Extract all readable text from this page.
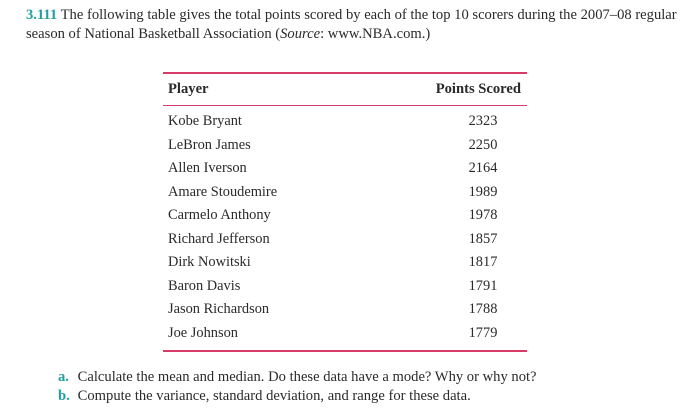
3.111 The following table gives the total points scored by each of the top 10 scorers during the 2007–08 regular season of National Basketball Association (Source: www.NBA.com.)
Player	Points Scored
Kobe Bryant	2323
LeBron James	2250
Allen Iverson	2164
Amare Stoudemire	1989
Carmelo Anthony	1978
Richard Jefferson	1857
Dirk Nowitski	1817
Baron Davis	1791
Jason Richardson	1788
Joe Johnson	1779
a. Calculate the mean and median. Do these data have a mode? Why or why not?
b. Compute the variance, standard deviation, and range for these data.
